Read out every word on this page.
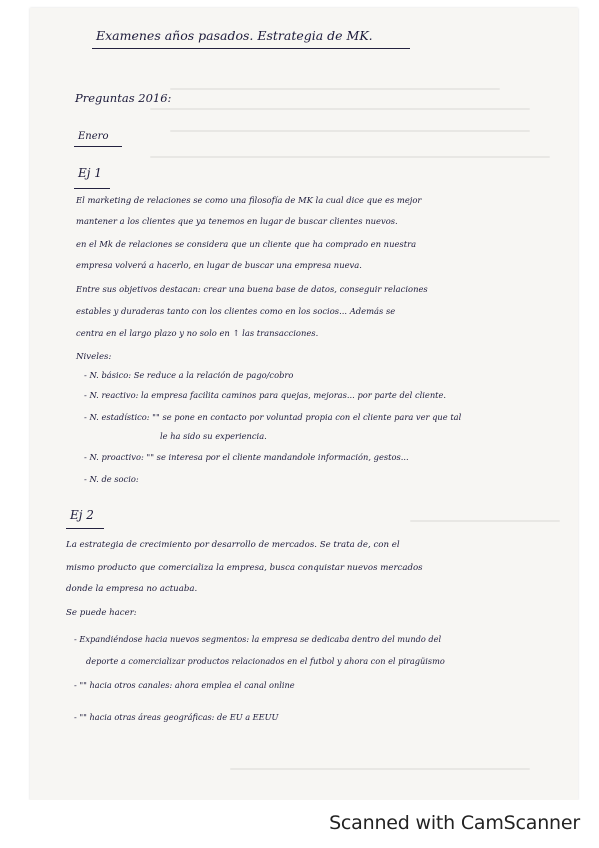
Examenes años pasados. Estrategia de MK.
Preguntas 2016:
Enero
Ej 1
El marketing de relaciones se como una filosofía de MK la cual dice que es mejor
mantener a los clientes que ya tenemos en lugar de buscar clientes nuevos.
en el Mk de relaciones se considera que un cliente que ha comprado en nuestra
empresa volverá a hacerlo, en lugar de buscar una empresa nueva.
Entre sus objetivos destacan: crear una buena base de datos, conseguir relaciones
estables y duraderas tanto con los clientes como en los socios... Además se
centra en el largo plazo y no solo en ↑ las transacciones.
Niveles:
- N. básico: Se reduce a la relación de pago/cobro
- N. reactivo: la empresa facilita caminos para quejas, mejoras... por parte del cliente.
- N. estadístico: "" se pone en contacto por voluntad propia con el cliente para ver que tal
le ha sido su experiencia.
- N. proactivo: "" se interesa por el cliente mandandole información, gestos...
- N. de socio:
Ej 2
La estrategia de crecimiento por desarrollo de mercados. Se trata de, con el
mismo producto que comercializa la empresa, busca conquistar nuevos mercados
donde la empresa no actuaba.
Se puede hacer:
- Expandiéndose hacia nuevos segmentos: la empresa se dedicaba dentro del mundo del
deporte a comercializar productos relacionados en el futbol y ahora con el piragüismo
- "" hacia otros canales: ahora emplea el canal online
- "" hacia otras áreas geográficas: de EU a EEUU
Scanned with CamScanner
